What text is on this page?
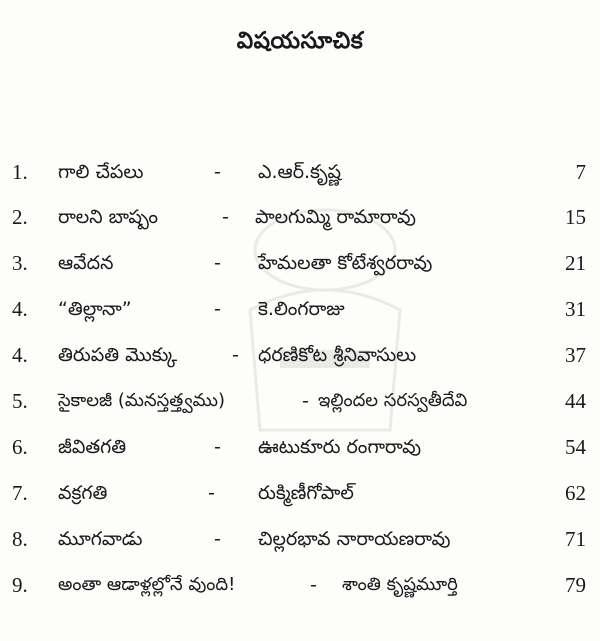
విషయసూచిక
1. గాలి చేపలు	- ఎ.ఆర్.కృష్ణ	7
2. రాలని బాష్పం	- పాలగుమ్మి రామారావు	15
3. ఆవేదన	- హేమలతా కోటేశ్వరరావు	21
4. “తిల్లానా”	- కె.లింగరాజు	31
4. తిరుపతి మొక్కు	- ధరణికోట శ్రీనివాసులు	37
5. సైకాలజీ (మనస్తత్త్వము)	- ఇల్లిందల సరస్వతీదేవి	44
6. జీవితగతి	- ఊటుకూరు రంగారావు	54
7. వక్రగతి	- రుక్మిణీగోపాల్	62
8. మూగవాడు	- చిల్లరభావ నారాయణరావు	71
9. అంతా ఆడాళ్లల్లోనే వుంది!	- శాంతి కృష్ణమూర్తి	79
